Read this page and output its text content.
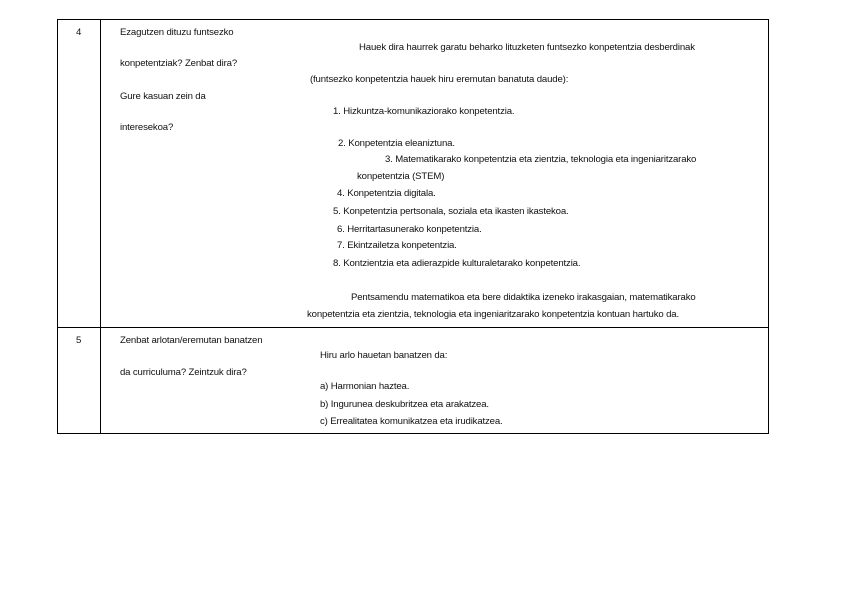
4	Ezagutzen dituzu funtsezko
konpetentziak? Zenbat dira?
Gure kasuan zein da
interesekoa?
Hauek dira haurrek garatu beharko lituzketen funtsezko konpetentzia desberdinak
(funtsezko konpetentzia hauek hiru eremutan banatuta daude):
1. Hizkuntza-komunikaziorako konpetentzia.
2. Konpetentzia eleaniztuna.
3. Matematikarako konpetentzia eta zientzia, teknologia eta ingeniaritzarako
konpetentzia (STEM)
4. Konpetentzia digitala.
5. Konpetentzia pertsonala, soziala eta ikasten ikastekoa.
6. Herritartasunerako konpetentzia.
7. Ekintzailetza konpetentzia.
8. Kontzientzia eta adierazpide kulturaletarako konpetentzia.
Pentsamendu matematikoa eta bere didaktika izeneko irakasgaian, matematikarako
konpetentzia eta zientzia, teknologia eta ingeniaritzarako konpetentzia kontuan hartuko da.
5	Zenbat arlotan/eremutan banatzen
da curriculuma? Zeintzuk dira?
Hiru arlo hauetan banatzen da:
a) Harmonian haztea.
b) Ingurunea deskubritzea eta arakatzea.
c) Errealitatea komunikatzea eta irudikatzea.
